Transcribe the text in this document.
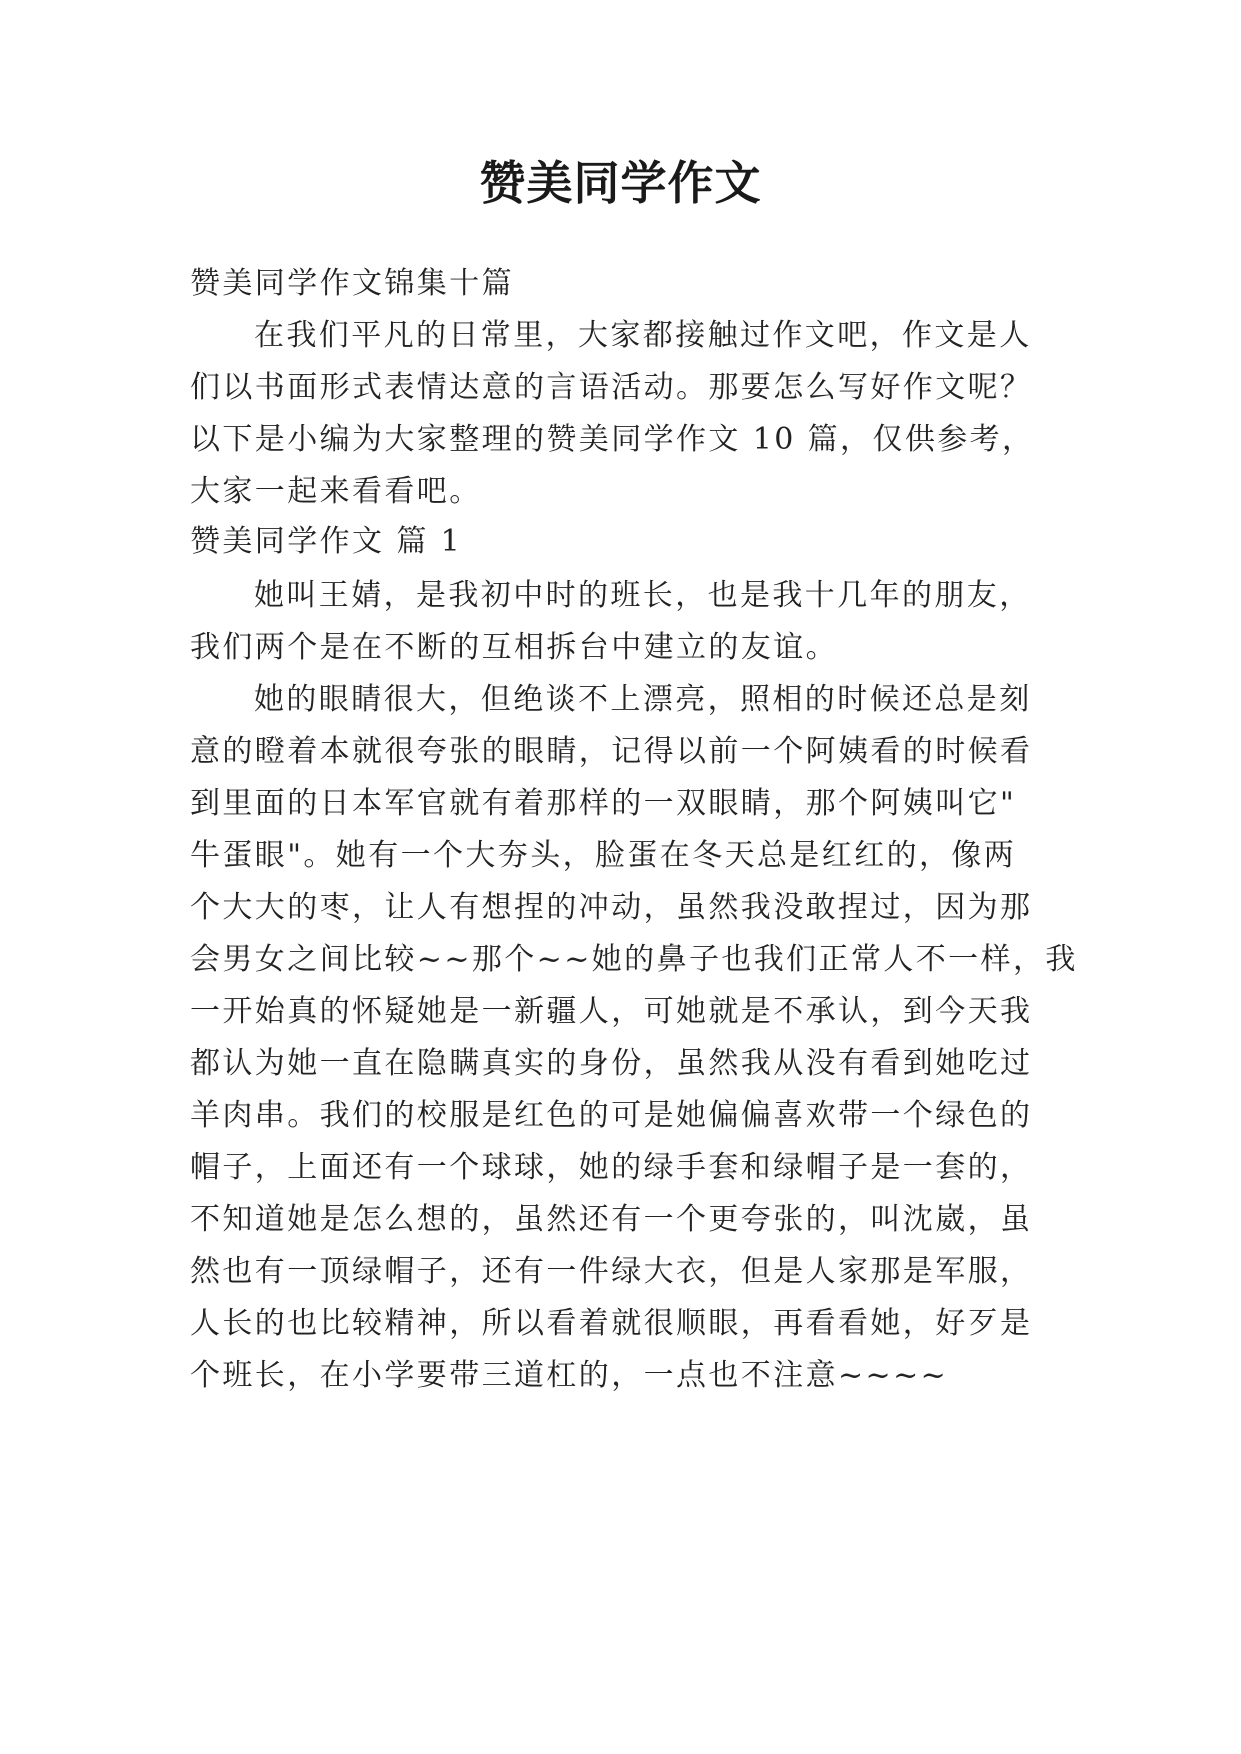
赞美同学作文
赞美同学作文锦集十篇
在我们平凡的日常里，大家都接触过作文吧，作文是人
们以书面形式表情达意的言语活动。那要怎么写好作文呢？
以下是小编为大家整理的赞美同学作文 10 篇，仅供参考，
大家一起来看看吧。
赞美同学作文 篇 1
她叫王婧，是我初中时的班长，也是我十几年的朋友，
我们两个是在不断的互相拆台中建立的友谊。
她的眼睛很大，但绝谈不上漂亮，照相的时候还总是刻
意的瞪着本就很夸张的眼睛，记得以前一个阿姨看的时候看
到里面的日本军官就有着那样的一双眼睛，那个阿姨叫它"
牛蛋眼"。她有一个大夯头，脸蛋在冬天总是红红的，像两
个大大的枣，让人有想捏的冲动，虽然我没敢捏过，因为那
会男女之间比较~~那个~~她的鼻子也我们正常人不一样，我
一开始真的怀疑她是一新疆人，可她就是不承认，到今天我
都认为她一直在隐瞒真实的身份，虽然我从没有看到她吃过
羊肉串。我们的校服是红色的可是她偏偏喜欢带一个绿色的
帽子，上面还有一个球球，她的绿手套和绿帽子是一套的，
不知道她是怎么想的，虽然还有一个更夸张的，叫沈崴，虽
然也有一顶绿帽子，还有一件绿大衣，但是人家那是军服，
人长的也比较精神，所以看着就很顺眼，再看看她，好歹是
个班长，在小学要带三道杠的，一点也不注意~~~~
